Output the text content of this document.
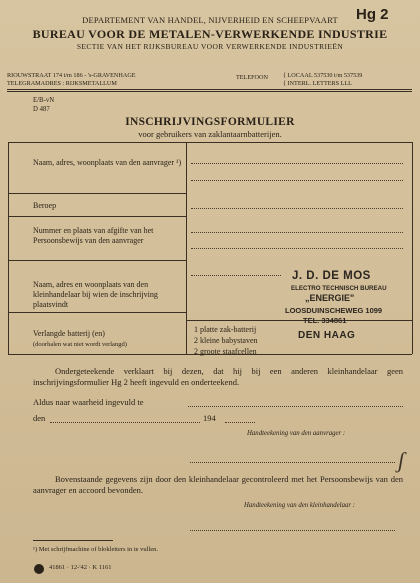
Hg 2
DEPARTEMENT VAN HANDEL, NIJVERHEID EN SCHEEPVAART
BUREAU VOOR DE METALEN-VERWERKENDE INDUSTRIE
SECTIE VAN HET RIJKSBUREAU VOOR VERWERKENDE INDUSTRIEËN
RIOUWSTRAAT 174 t/m 186 - 's-GRAVENHAGE
TELEGRAMADRES : RIJKSMETALLUM
TELEFOON { LOCAAL 537530 t/m 537539
{ INTERL. LETTERS LLL
E/B-vN
D 487
INSCHRIJVINGSFORMULIER
voor gebruikers van zaklantaarnbatterijen.
Naam, adres, woonplaats van den aanvrager ¹)
Beroep
Nummer en plaats van afgifte van het Persoonsbewijs van den aanvrager
Naam, adres en woonplaats van den kleinhandelaar bij wien de inschrijving plaatsvindt
Verlangde batterij (en)
(doorhalen wat niet wordt verlangd)
1 platte zak-batterij
2 kleine babystaven
2 groote staafcellen
J. D. DE MOS
ELECTRO TECHNISCH BUREAU
„ENERGIE"
LOOSDUINSCHEWEG 1099
TEL. 334861
DEN HAAG
Ondergeteekende verklaart bij dezen, dat hij bij een anderen kleinhandelaar geen inschrijvingsformulier Hg 2 heeft ingevuld en onderteekend.
Aldus naar waarheid ingevuld te
den	194
Handteekening van den aanvrager :
ʃ
Bovenstaande gegevens zijn door den kleinhandelaar gecontroleerd met het Persoonsbewijs van den aanvrager en accoord bevonden.
Handteekening van den kleinhandelaar :
¹) Met schrijfmachine of blokletters in te vullen.
41861 · 12-'42 · K 1161
